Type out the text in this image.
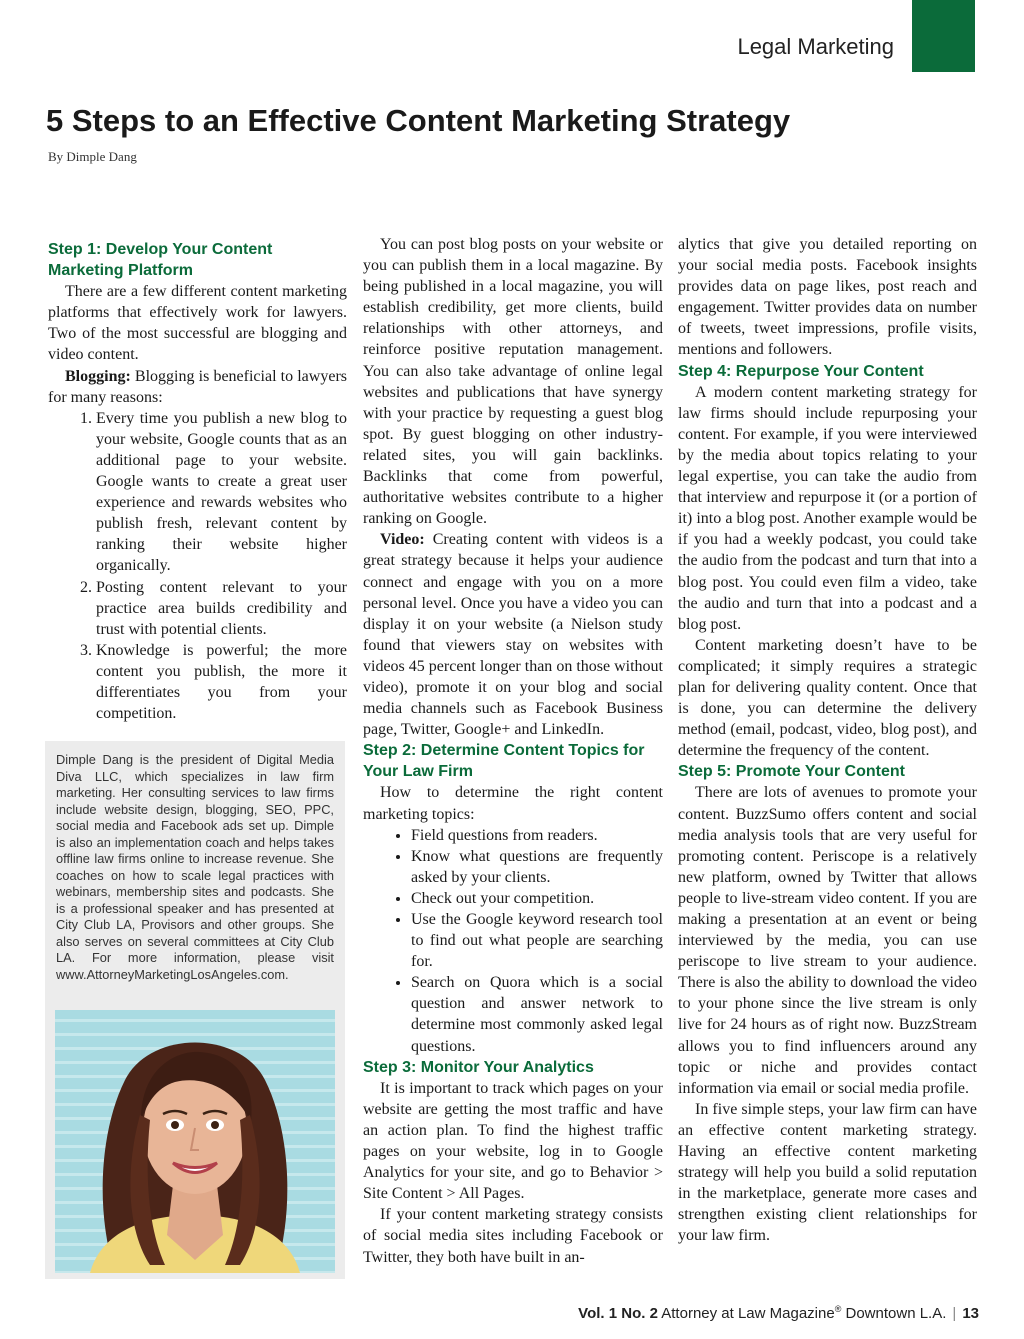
Legal Marketing
5 Steps to an Effective Content Marketing Strategy
By Dimple Dang
Step 1: Develop Your Content Marketing Platform

There are a few different content marketing platforms that effectively work for lawyers. Two of the most successful are blogging and video content.

Blogging: Blogging is beneficial to lawyers for many reasons:

1. Every time you publish a new blog to your website, Google counts that as an additional page to your website. Google wants to create a great user experience and rewards websites who publish fresh, relevant content by ranking their website higher organically.
2. Posting content relevant to your practice area builds credibility and trust with potential clients.
3. Knowledge is powerful; the more content you publish, the more it differentiates you from your competition.

Dimple Dang is the president of Digital Media Diva LLC, which specializes in law firm marketing. Her consulting services to law firms include website design, blogging, SEO, PPC, social media and Facebook ads set up. Dimple is also an implementation coach and helps takes offline law firms online to increase revenue. She coaches on how to scale legal practices with webinars, membership sites and podcasts. She is a professional speaker and has presented at City Club LA, Provisors and other groups. She also serves on several committees at City Club LA. For more information, please visit www.AttorneyMarketingLosAngeles.com.

You can post blog posts on your website or you can publish them in a local magazine. By being published in a local magazine, you will establish credibility, get more clients, build relationships with other attorneys, and reinforce positive reputation management. You can also take advantage of online legal websites and publications that have synergy with your practice by requesting a guest blog spot. By guest blogging on other industry-related sites, you will gain backlinks. Backlinks that come from powerful, authoritative websites contribute to a higher ranking on Google.

Video: Creating content with videos is a great strategy because it helps your audience connect and engage with you on a more personal level. Once you have a video you can display it on your website (a Nielson study found that viewers stay on websites with videos 45 percent longer than on those without video), promote it on your blog and social media channels such as Facebook Business page, Twitter, Google+ and LinkedIn.

Step 2: Determine Content Topics for Your Law Firm

How to determine the right content marketing topics:

• Field questions from readers.
• Know what questions are frequently asked by your clients.
• Check out your competition.
• Use the Google keyword research tool to find out what people are searching for.
• Search on Quora which is a social question and answer network to determine most commonly asked legal questions.
Step 3: Monitor Your Analytics

It is important to track which pages on your website are getting the most traffic and have an action plan. To find the highest traffic pages on your website, log in to Google Analytics for your site, and go to Behavior > Site Content > All Pages.

If your content marketing strategy consists of social media sites including Facebook or Twitter, they both have built in an-

alytics that give you detailed reporting on your social media posts. Facebook insights provides data on page likes, post reach and engagement. Twitter provides data on number of tweets, tweet impressions, profile visits, mentions and followers.

Step 4: Repurpose Your Content

A modern content marketing strategy for law firms should include repurposing your content. For example, if you were interviewed by the media about topics relating to your legal expertise, you can take the audio from that interview and repurpose it (or a portion of it) into a blog post. Another example would be if you had a weekly podcast, you could take the audio from the podcast and turn that into a blog post. You could even film a video, take the audio and turn that into a podcast and a blog post.

Content marketing doesn’t have to be complicated; it simply requires a strategic plan for delivering quality content. Once that is done, you can determine the delivery method (email, podcast, video, blog post), and determine the frequency of the content.

Step 5: Promote Your Content

There are lots of avenues to promote your content. BuzzSumo offers content and social media analysis tools that are very useful for promoting content. Periscope is a relatively new platform, owned by Twitter that allows people to live-stream video content. If you are making a presentation at an event or being interviewed by the media, you can use periscope to live stream to your audience. There is also the ability to download the video to your phone since the live stream is only live for 24 hours as of right now. BuzzStream allows you to find influencers around any topic or niche and provides contact information via email or social media profile.

In five simple steps, your law firm can have an effective content marketing strategy. Having an effective content marketing strategy will help you build a solid reputation in the marketplace, generate more cases and strengthen existing client relationships for your law firm.

Vol. 1 No. 2 Attorney at Law Magazine® Downtown L.A. | 13
